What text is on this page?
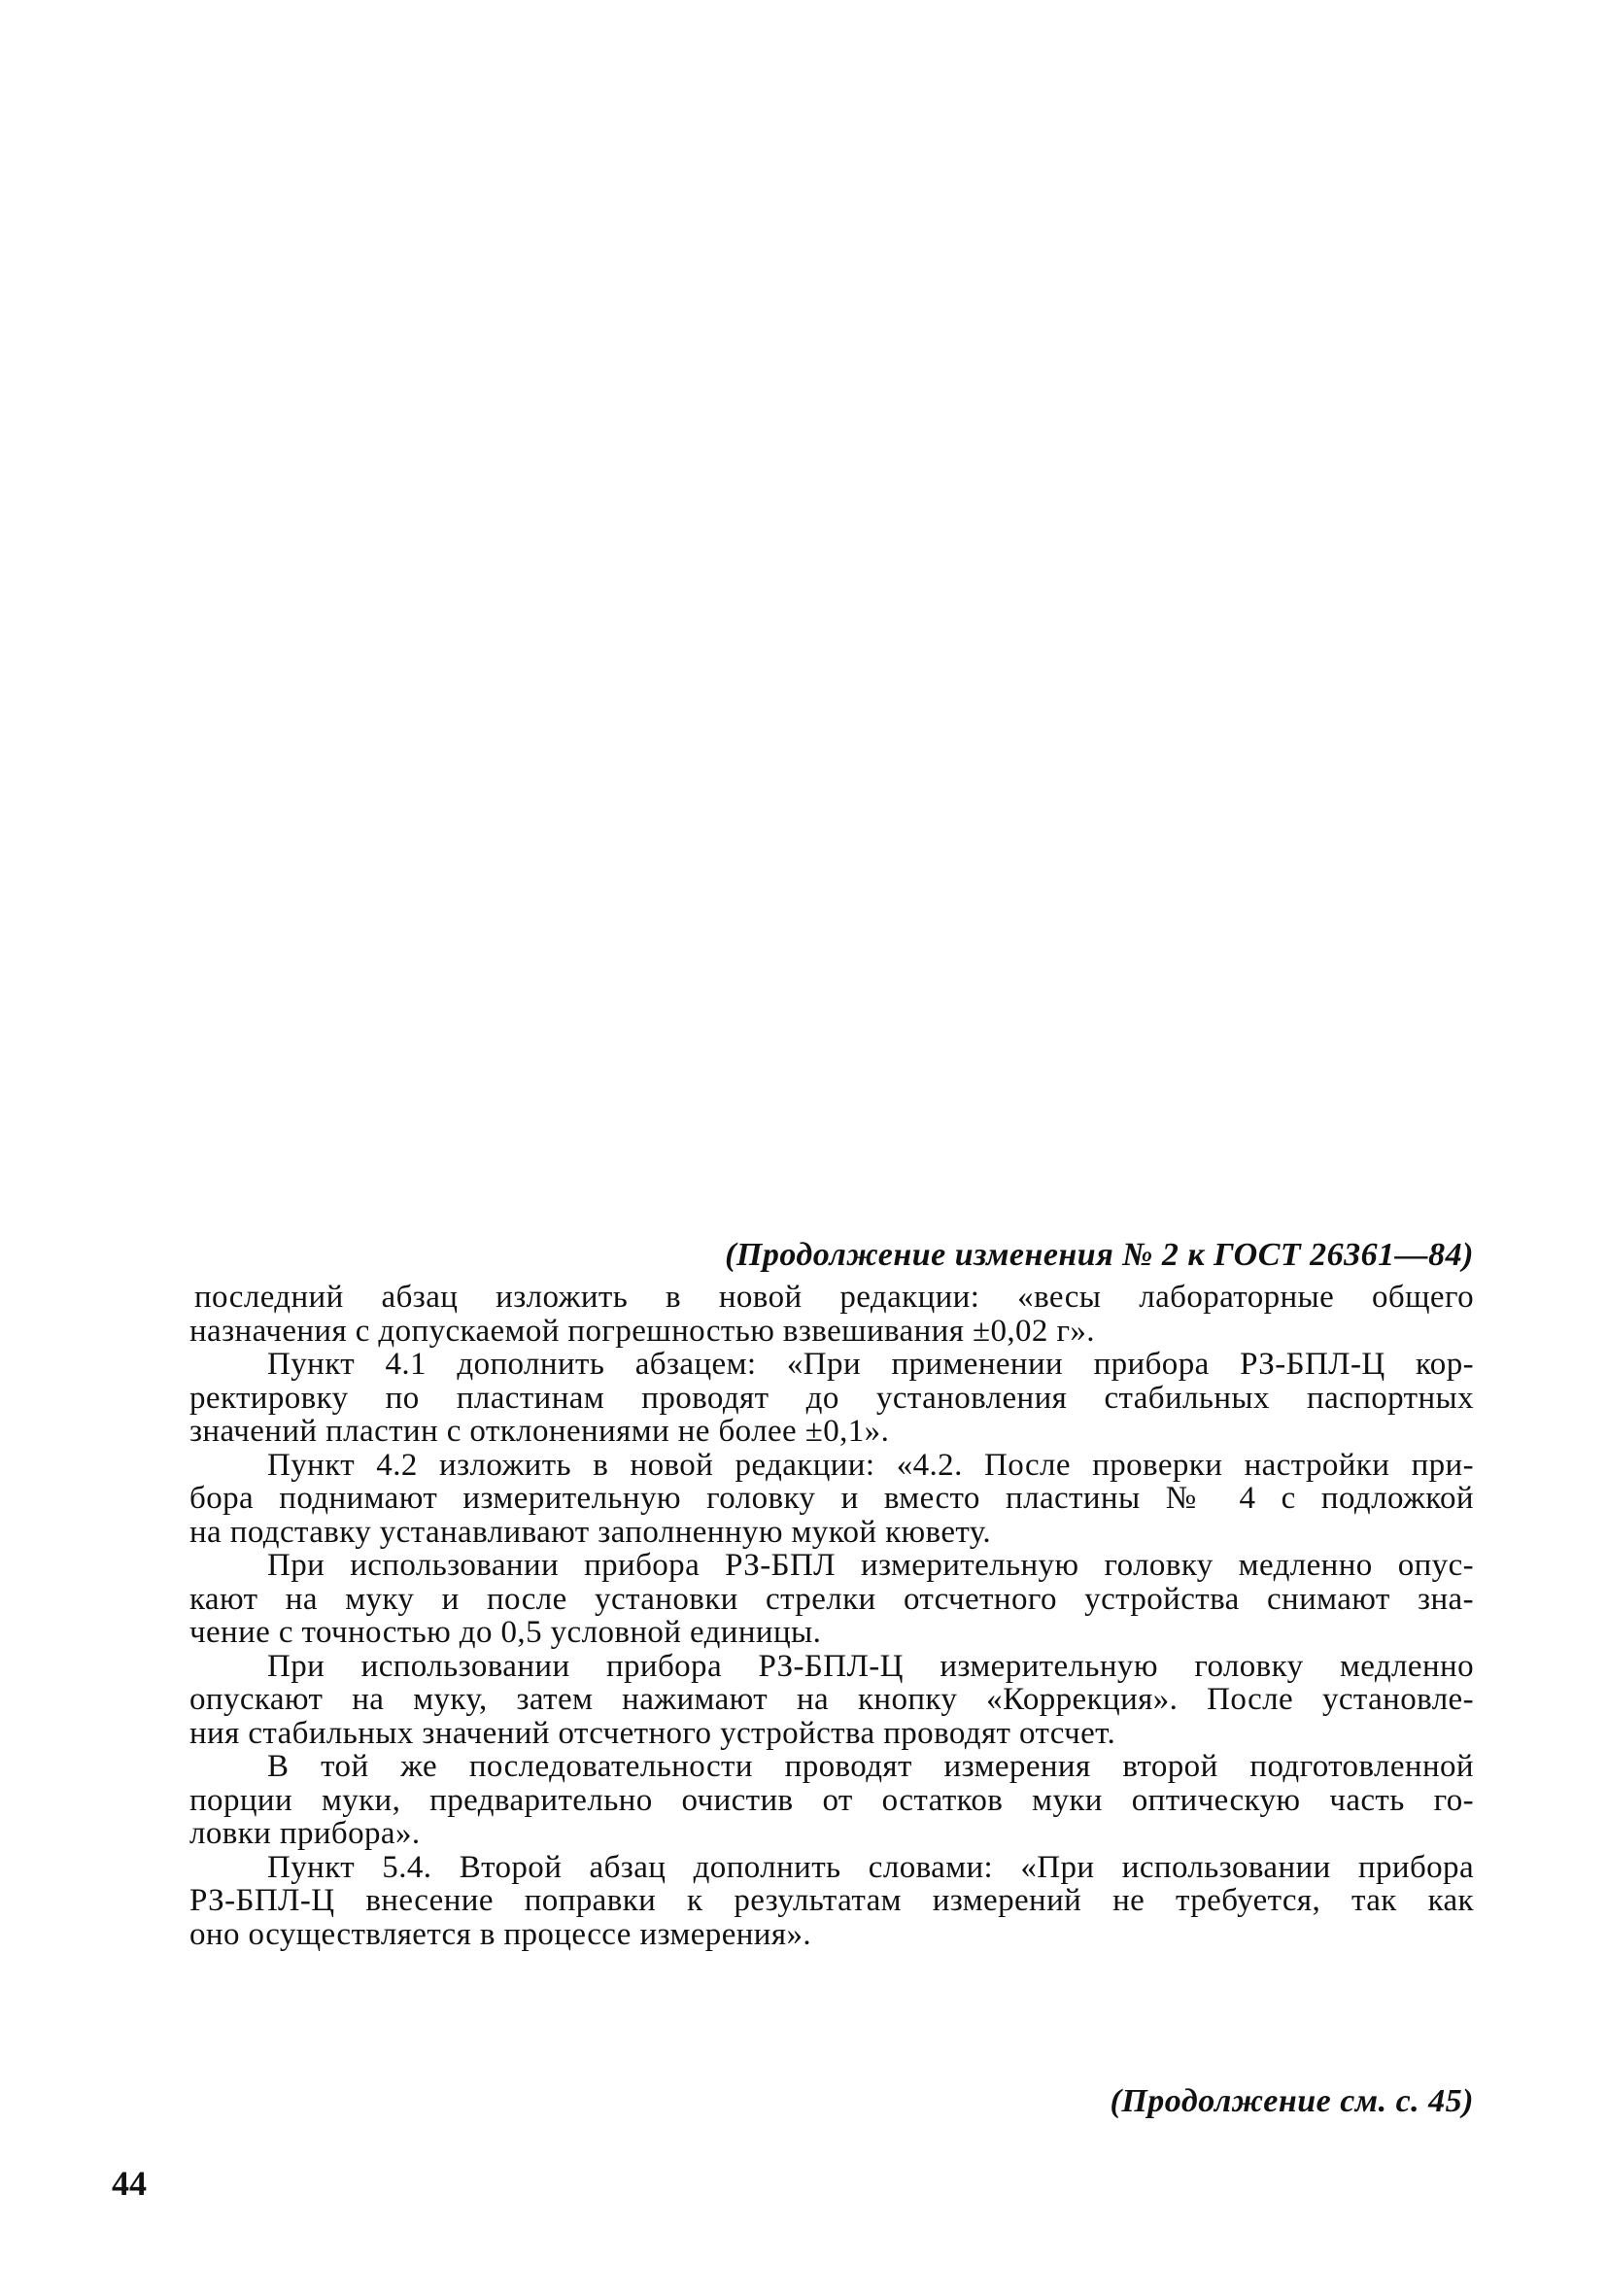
(Продолжение изменения № 2 к ГОСТ 26361—84)
последний абзац изложить в новой редакции: «весы лабораторные общего
назначения с допускаемой погрешностью взвешивания ±0,02 г».
Пункт 4.1 дополнить абзацем: «При применении прибора РЗ-БПЛ-Ц кор-
ректировку по пластинам проводят до установления стабильных паспортных
значений пластин с отклонениями не более ±0,1».
Пункт 4.2 изложить в новой редакции: «4.2. После проверки настройки при-
бора поднимают измерительную головку и вместо пластины № 4 с подложкой
на подставку устанавливают заполненную мукой кювету.
При использовании прибора РЗ-БПЛ измерительную головку медленно опус-
кают на муку и после установки стрелки отсчетного устройства снимают зна-
чение с точностью до 0,5 условной единицы.
При использовании прибора РЗ-БПЛ-Ц измерительную головку медленно
опускают на муку, затем нажимают на кнопку «Коррекция». После установле-
ния стабильных значений отсчетного устройства проводят отсчет.
В той же последовательности проводят измерения второй подготовленной
порции муки, предварительно очистив от остатков муки оптическую часть го-
ловки прибора».
Пункт 5.4. Второй абзац дополнить словами: «При использовании прибора
РЗ-БПЛ-Ц внесение поправки к результатам измерений не требуется, так как
оно осуществляется в процессе измерения».
(Продолжение см. с. 45)
44
